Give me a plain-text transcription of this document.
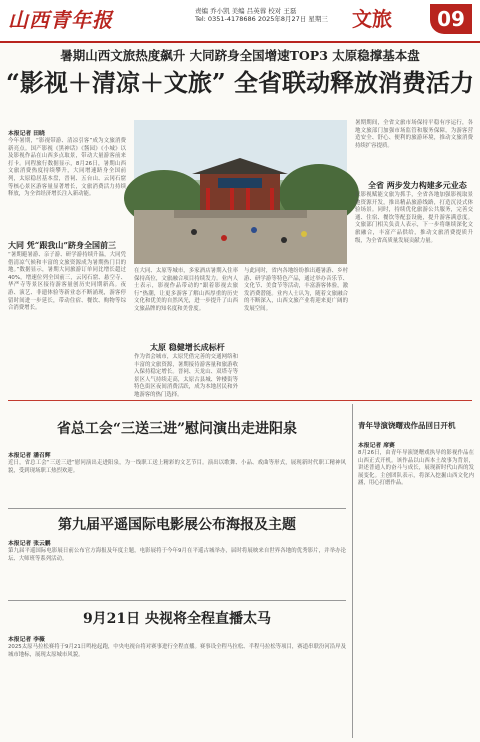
山西青年报	责编 乔小凯 美编 吕英蓉 校对 王磊
Tel: 0351-4178686 2025年8月27日 星期三	文旅	09
暑期山西文旅热度飙升 大同跻身全国增速TOP3 太原稳撑基本盘
“影视＋清凉＋文旅” 全省联动释放消费活力
本报记者 田晓
今年暑期，“影视带游、清凉引客”成为文旅消费新亮点。国产影视《黑神话》《酱园》《小城》以及影视作品在山西多点取景，带动大量游客前来打卡。同程旅行数据显示，8月26日，暑期山西文旅消费热度持续攀升，大同增速跻身全国前列，太原稳居基本盘，晋祠、五台山、云冈石窟等核心景区游客量显著增长，文旅消费活力持续释放，为全省经济增长注入新动能。
大同 凭“跟我山”跻身全国前三
“暑期避暑游、亲子游、研学游持续升温，大同凭借清凉气候和丰富的文旅资源成为暑期热门目的地。”数据显示，暑期大同旅游订单同比增长超过40%，增速位列全国前三，云冈石窟、悬空寺、华严寺等景区接待游客量创历史同期新高。夜游、演艺、非遗体验等新业态不断涌现，游客停留时间进一步延长，带动住宿、餐饮、购物等综合消费增长。
在大同、太原等城市，多家酒店暑期入住率保持高位，文旅融合项目持续发力。业内人士表示，影视作品带动的“跟着影视去旅行”热潮，让更多游客了解山西厚重的历史文化和优美的自然风光，进一步提升了山西文旅品牌的知名度和美誉度。
太原 稳健增长成标杆
作为省会城市，太原凭借完善的交通网络和丰富的文旅资源，暑期接待游客量和旅游收入保持稳定增长。晋祠、天龙山、双塔寺等景区人气持续走高，太原古县城、钟楼街等特色街区夜间消费活跃，成为本地居民和外地游客的热门选择。
与此同时，省内各地纷纷推出避暑游、乡村游、研学游等特色产品，通过举办音乐节、文化节、美食节等活动，丰富游客体验，激发消费潜能。业内人士认为，随着文旅融合的不断深入，山西文旅产业将迎来更广阔的发展空间。
暑期期间，全省文旅市场保持平稳有序运行，各地文旅部门加强市场监管和服务保障，为游客营造安全、舒心、便利的旅游环境，推动文旅消费持续扩容提质。
全省 两步发力构建多元业态
以影视赋能文旅为抓手，全省各地加强影视取景地资源开发，推出精品旅游线路，打造沉浸式体验场景。同时，持续优化旅游公共服务，完善交通、住宿、餐饮等配套设施，提升游客满意度。文旅部门相关负责人表示，下一步将继续深化文旅融合，丰富产品供给，推动文旅消费提质升级，为全省高质量发展贡献力量。
省总工会“三送三进”慰问演出走进阳泉
本报记者 潘召辉
近日，省总工会“三送三进”慰问演出走进阳泉，为一线职工送上精彩的文艺节目。演出以歌舞、小品、戏曲等形式，展现新时代职工精神风貌，受到现场职工热烈欢迎。
第九届平遥国际电影展公布海报及主题
本报记者 张云鹏
第九届平遥国际电影展日前公布官方海报及年度主题，电影展将于今年9月在平遥古城举办，届时将展映来自世界各地的优秀影片，并举办论坛、大师班等系列活动。
9月21日 央视将全程直播太马
本报记者 李薇
2025太原马拉松赛将于9月21日鸣枪起跑，中央电视台将对赛事进行全程直播。赛事设全程马拉松、半程马拉松等项目，赛道串联汾河沿岸及城市地标，展现太原城市风貌。
青年导演饶曙戏作品回日开机
本报记者 席赛
8月26日，由青年导演饶曙戏执导的影视作品在山西正式开机。该作品以山西本土故事为背景，讲述普通人的奋斗与成长，展现新时代山西的发展变化。主创团队表示，将深入挖掘山西文化内涵，用心打磨作品。
